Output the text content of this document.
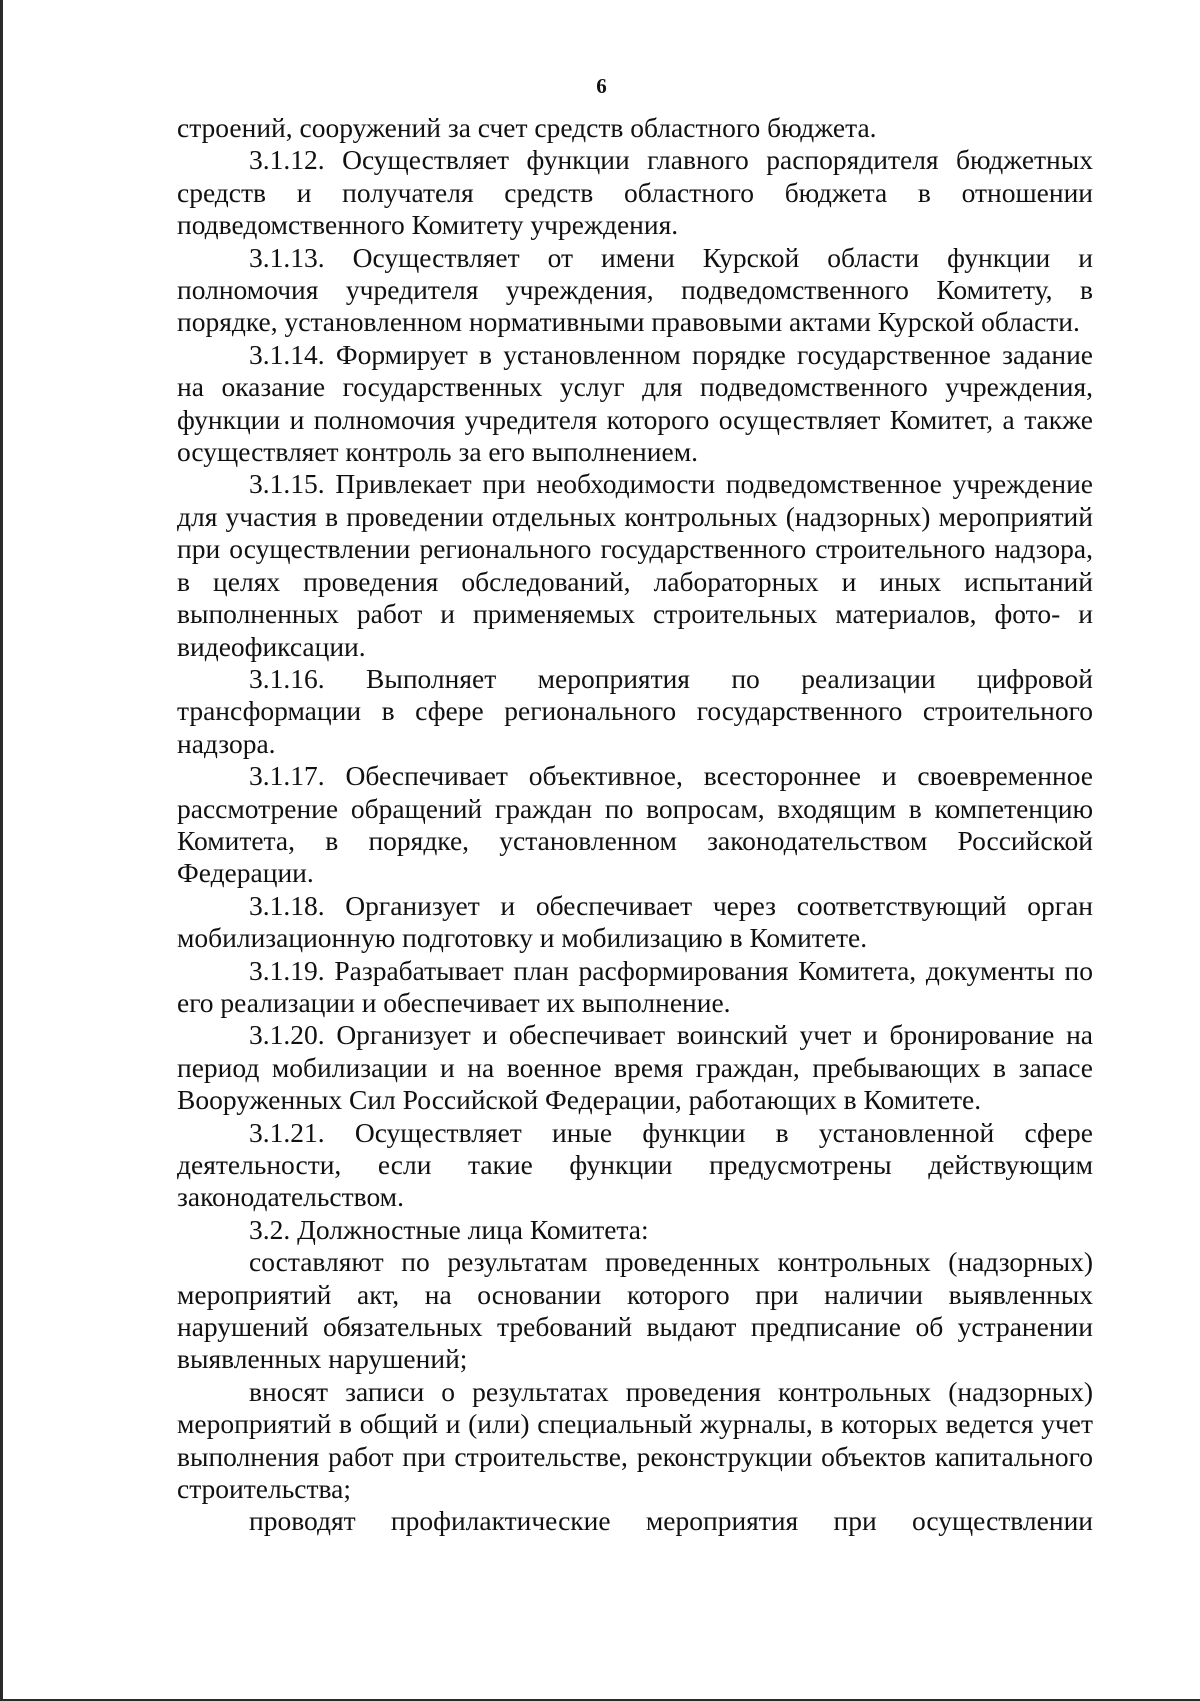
6

строений, сооружений за счет средств областного бюджета.

3.1.12. Осуществляет функции главного распорядителя бюджетных средств и получателя средств областного бюджета в отношении подведомственного Комитету учреждения.

3.1.13. Осуществляет от имени Курской области функции и полномочия учредителя учреждения, подведомственного Комитету, в порядке, установленном нормативными правовыми актами Курской области.

3.1.14. Формирует в установленном порядке государственное задание на оказание государственных услуг для подведомственного учреждения, функции и полномочия учредителя которого осуществляет Комитет, а также осуществляет контроль за его выполнением.

3.1.15. Привлекает при необходимости подведомственное учреждение для участия в проведении отдельных контрольных (надзорных) мероприятий при осуществлении регионального государственного строительного надзора, в целях проведения обследований, лабораторных и иных испытаний выполненных работ и применяемых строительных материалов, фото- и видеофиксации.

3.1.16. Выполняет мероприятия по реализации цифровой трансформации в сфере регионального государственного строительного надзора.

3.1.17. Обеспечивает объективное, всестороннее и своевременное рассмотрение обращений граждан по вопросам, входящим в компетенцию Комитета, в порядке, установленном законодательством Российской Федерации.

3.1.18. Организует и обеспечивает через соответствующий орган мобилизационную подготовку и мобилизацию в Комитете.

3.1.19. Разрабатывает план расформирования Комитета, документы по его реализации и обеспечивает их выполнение.

3.1.20. Организует и обеспечивает воинский учет и бронирование на период мобилизации и на военное время граждан, пребывающих в запасе Вооруженных Сил Российской Федерации, работающих в Комитете.

3.1.21. Осуществляет иные функции в установленной сфере деятельности, если такие функции предусмотрены действующим законодательством.

3.2. Должностные лица Комитета:

составляют по результатам проведенных контрольных (надзорных) мероприятий акт, на основании которого при наличии выявленных нарушений обязательных требований выдают предписание об устранении выявленных нарушений;

вносят записи о результатах проведения контрольных (надзорных) мероприятий в общий и (или) специальный журналы, в которых ведется учет выполнения работ при строительстве, реконструкции объектов капитального строительства;

проводят профилактические мероприятия при осуществлении
